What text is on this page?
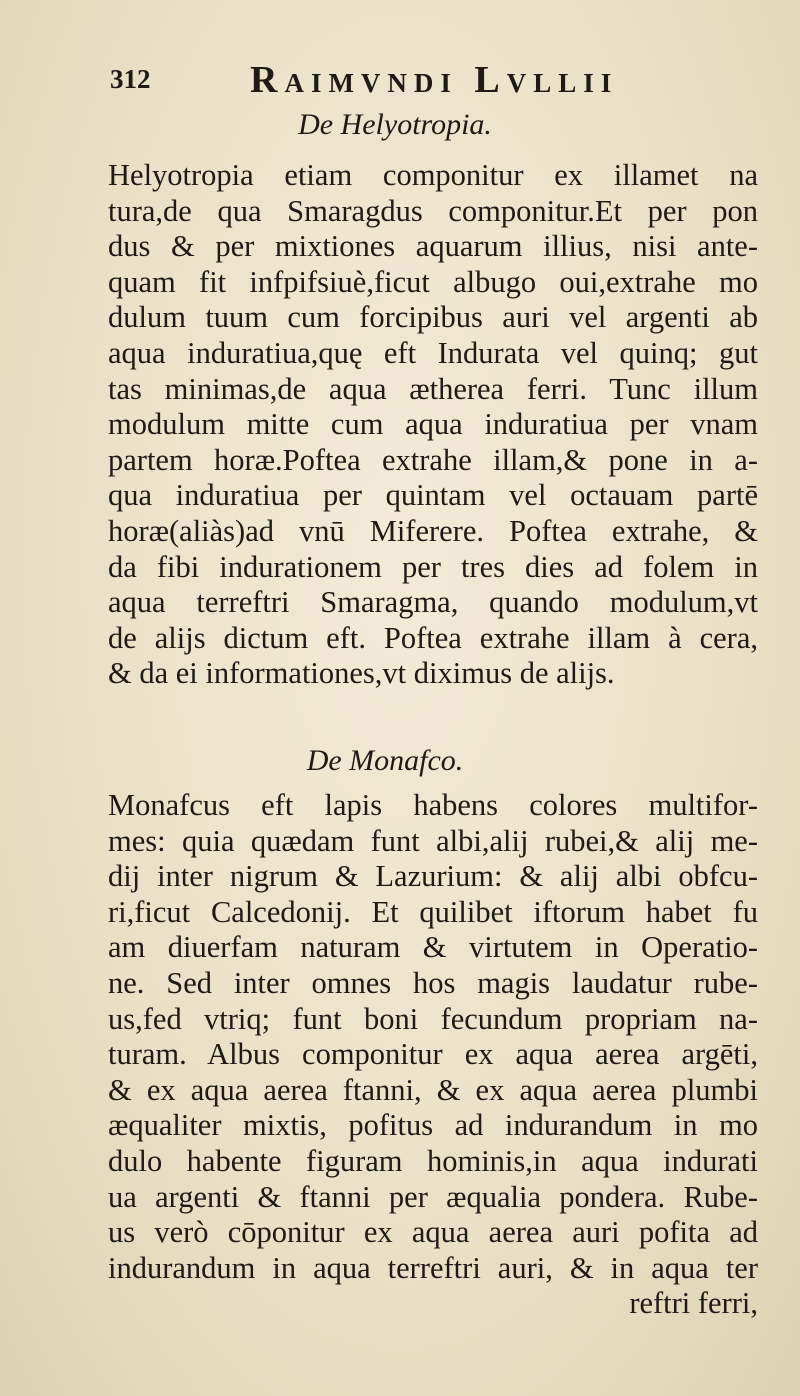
312	Raimvndi Lvllii
De Helyotropia.
Helyotropia etiam componitur ex illamet na
tura,de qua Smaragdus componitur.Et per pon
dus & per mixtiones aquarum illius, nisi ante-
quam fit infpifsiuè,ficut albugo oui,extrahe mo
dulum tuum cum forcipibus auri vel argenti ab
aqua induratiua,quę eft Indurata vel quinq; gut
tas minimas,de aqua ætherea ferri. Tunc illum
modulum mitte cum aqua induratiua per vnam
partem horæ.Poftea extrahe illam,& pone in a-
qua induratiua per quintam vel octauam partē
horæ(aliàs)ad vnū Miferere. Poftea extrahe, &
da fibi indurationem per tres dies ad folem in
aqua terreftri Smaragma, quando modulum,vt
de alijs dictum eft. Poftea extrahe illam à cera,
& da ei informationes,vt diximus de alijs.
De Monafco.
Monafcus eft lapis habens colores multifor-
mes: quia quædam funt albi,alij rubei,& alij me-
dij inter nigrum & Lazurium: & alij albi obfcu-
ri,ficut Calcedonij. Et quilibet iftorum habet fu
am diuerfam naturam & virtutem in Operatio-
ne. Sed inter omnes hos magis laudatur rube-
us,fed vtriq; funt boni fecundum propriam na-
turam. Albus componitur ex aqua aerea argēti,
& ex aqua aerea ftanni, & ex aqua aerea plumbi
æqualiter mixtis, pofitus ad indurandum in mo
dulo habente figuram hominis,in aqua indurati
ua argenti & ftanni per æqualia pondera. Rube-
us verò cōponitur ex aqua aerea auri pofita ad
indurandum in aqua terreftri auri, & in aqua ter
reftri ferri,
